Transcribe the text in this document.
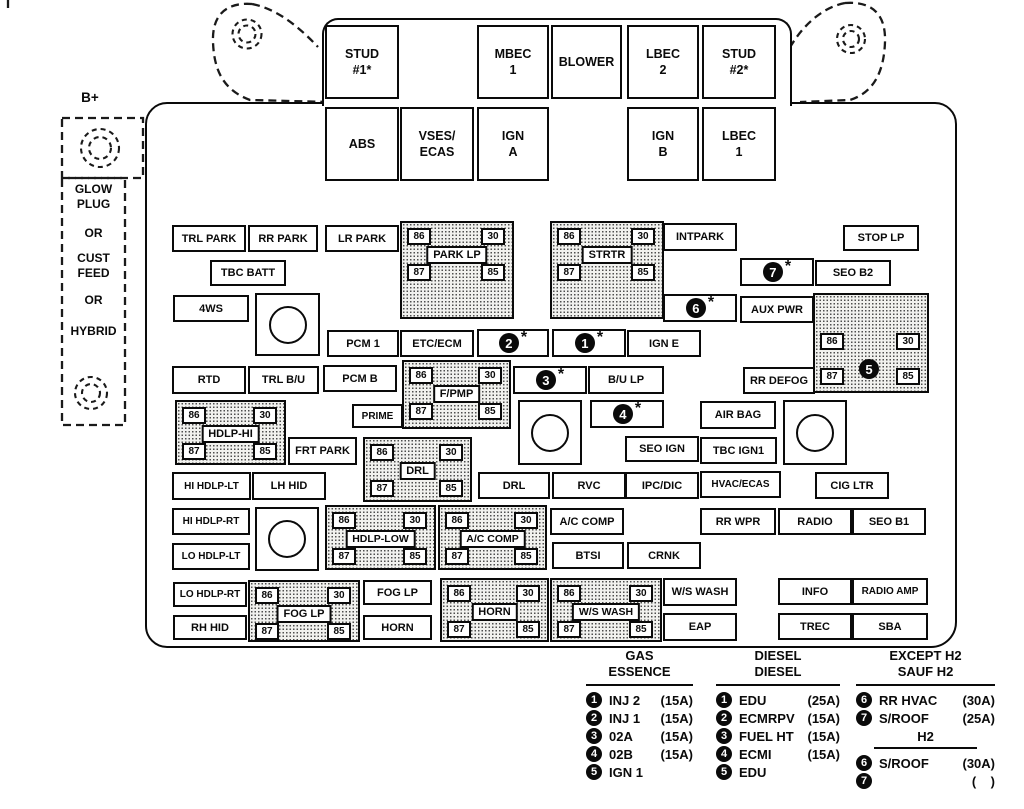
B+
GLOW
PLUG
OR
CUST
FEED
OR
HYBRID
STUD
#1*
MBEC
1
BLOWER
LBEC
2
STUD
#2*
ABS
VSES/
ECAS
IGN
A
IGN
B
LBEC
1
TRL PARK	RR PARK	LR PARK	INTPARK	STOP LP
TBC BATT	SEO B2
4WS	AUX PWR
PCM 1	ETC/ECM	IGN E
RTD	TRL B/U	PCM B	B/U LP	RR DEFOG
PRIME	AIR BAG
FRT PARK	SEO IGN	TBC IGN1
HI HDLP-LT	LH HID	DRL	RVC	IPC/DIC	HVAC/ECAS	CIG LTR
HI HDLP-RT	A/C COMP	RR WPR	RADIO	SEO B1
LO HDLP-LT	BTSI	CRNK
LO HDLP-RT	FOG LP	W/S WASH	INFO	RADIO AMP
RH HID	HORN	EAP	TREC	SBA
7 *
6 *
2 *	1 *
3 *
4 *
86	30
87	85
PARK LP
86	30
87	85
STRTR
86	30
87	85
F/PMP
86	30
87	85
HDLP-HI
86	30
87	85
DRL
86	30
87	85
HDLP-LOW
86	30
87	85
A/C COMP
86	30
87	85
FOG LP
86	30
87	85
HORN
86	30
87	85
W/S WASH
86	30
87	85
5
GAS
ESSENCE
1 INJ 2 (15A)
2 INJ 1 (15A)
3 02A (15A)
4 02B (15A)
5 IGN 1
DIESEL
DIESEL
1 EDU	(25A)
2 ECMRPV (15A)
3 FUEL HT (15A)
4 ECMI	(15A)
5 EDU
EXCEPT H2
SAUF H2
6 RR HVAC (30A)
7 S/ROOF	(25A)
H2
6 S/ROOF	(30A)
7	(    )
